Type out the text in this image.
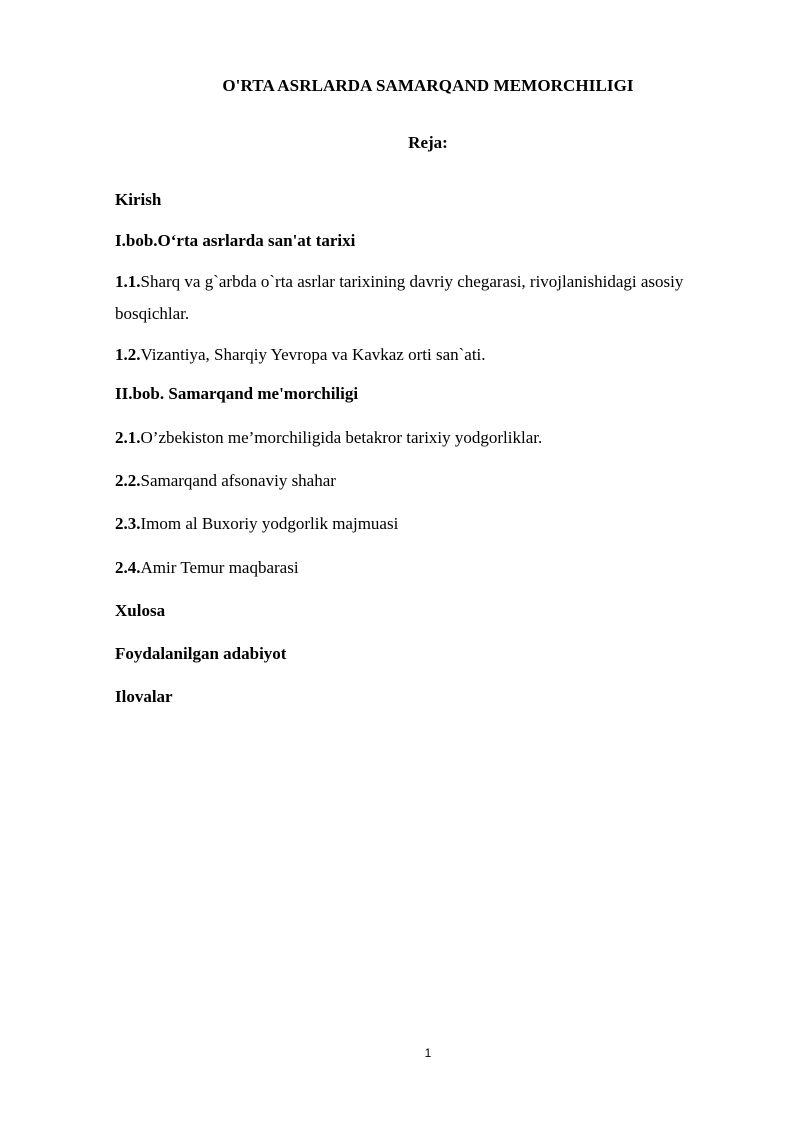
O'RTA ASRLARDA SAMARQAND MEMORCHILIGI
Reja:
Kirish
I.bob.O‘rta asrlarda san'at tarixi
1.1.Sharq va g`arbda o`rta asrlar tarixining davriy chegarasi, rivojlanishidagi asosiy bosqichlar.
1.2.Vizantiya, Sharqiy Yevropa va Kavkaz orti san`ati.
II.bob. Samarqand me'morchiligi
2.1.O’zbekiston me’morchiligida betakror tarixiy yodgorliklar.
2.2.Samarqand afsonaviy shahar
2.3.Imom al Buxoriy yodgorlik majmuasi
2.4.Amir Temur maqbarasi
Xulosa
Foydalanilgan adabiyot
Ilovalar
1
